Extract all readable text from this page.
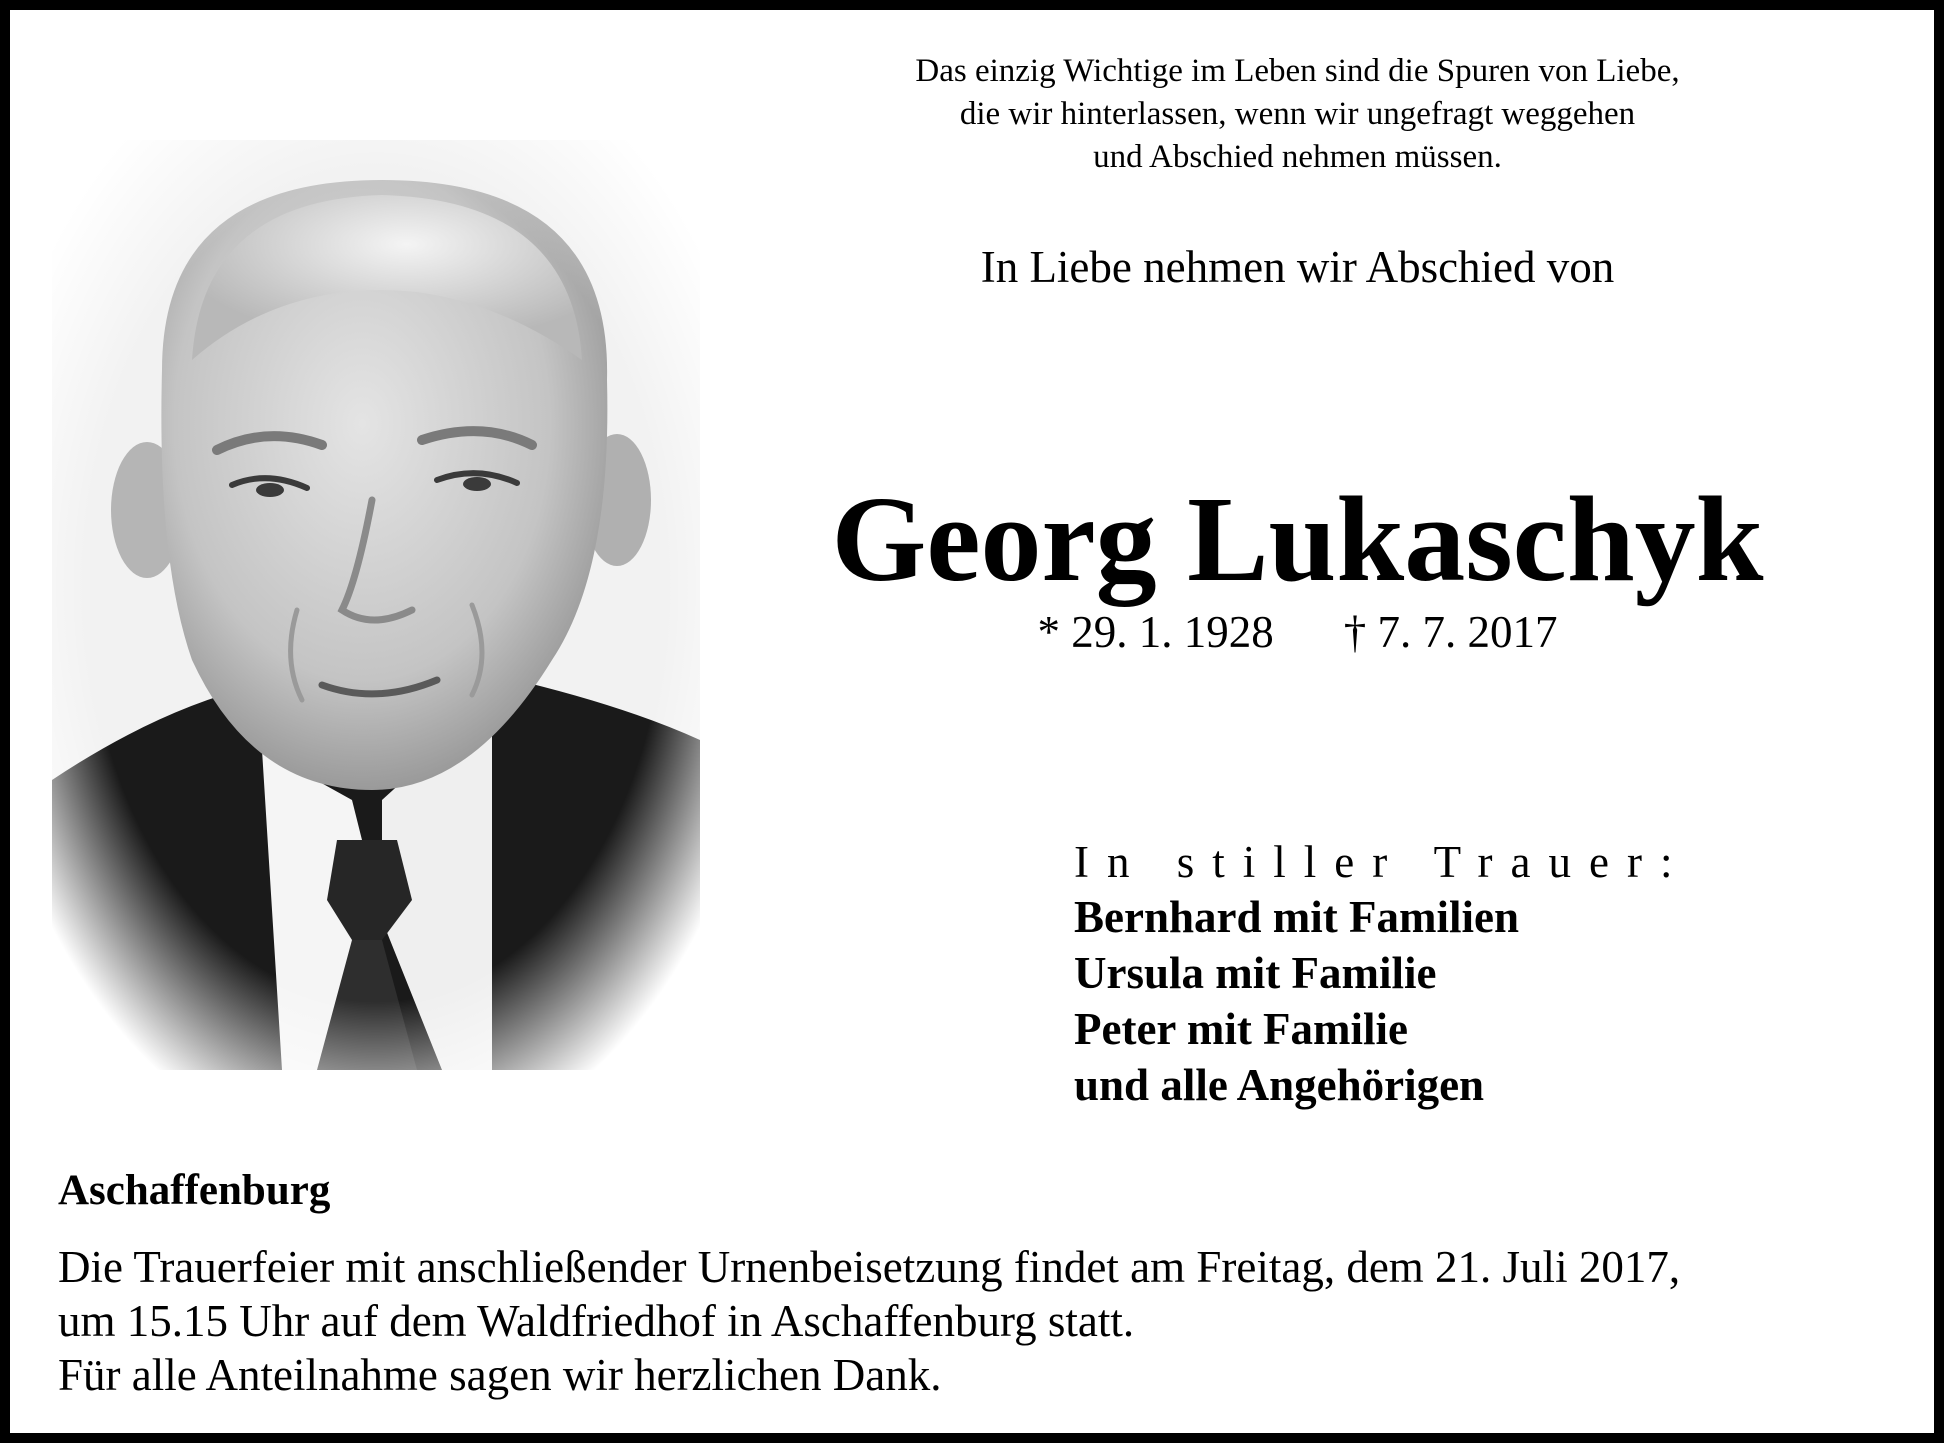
Das einzig Wichtige im Leben sind die Spuren von Liebe,
die wir hinterlassen, wenn wir ungefragt weggehen
und Abschied nehmen müssen.
In Liebe nehmen wir Abschied von
Georg Lukaschyk
* 29. 1. 1928 † 7. 7. 2017
In stiller Trauer:
Bernhard mit Familien
Ursula mit Familie
Peter mit Familie
und alle Angehörigen
Aschaffenburg
Die Trauerfeier mit anschließender Urnenbeisetzung findet am Freitag, dem 21. Juli 2017,
um 15.15 Uhr auf dem Waldfriedhof in Aschaffenburg statt.
Für alle Anteilnahme sagen wir herzlichen Dank.
